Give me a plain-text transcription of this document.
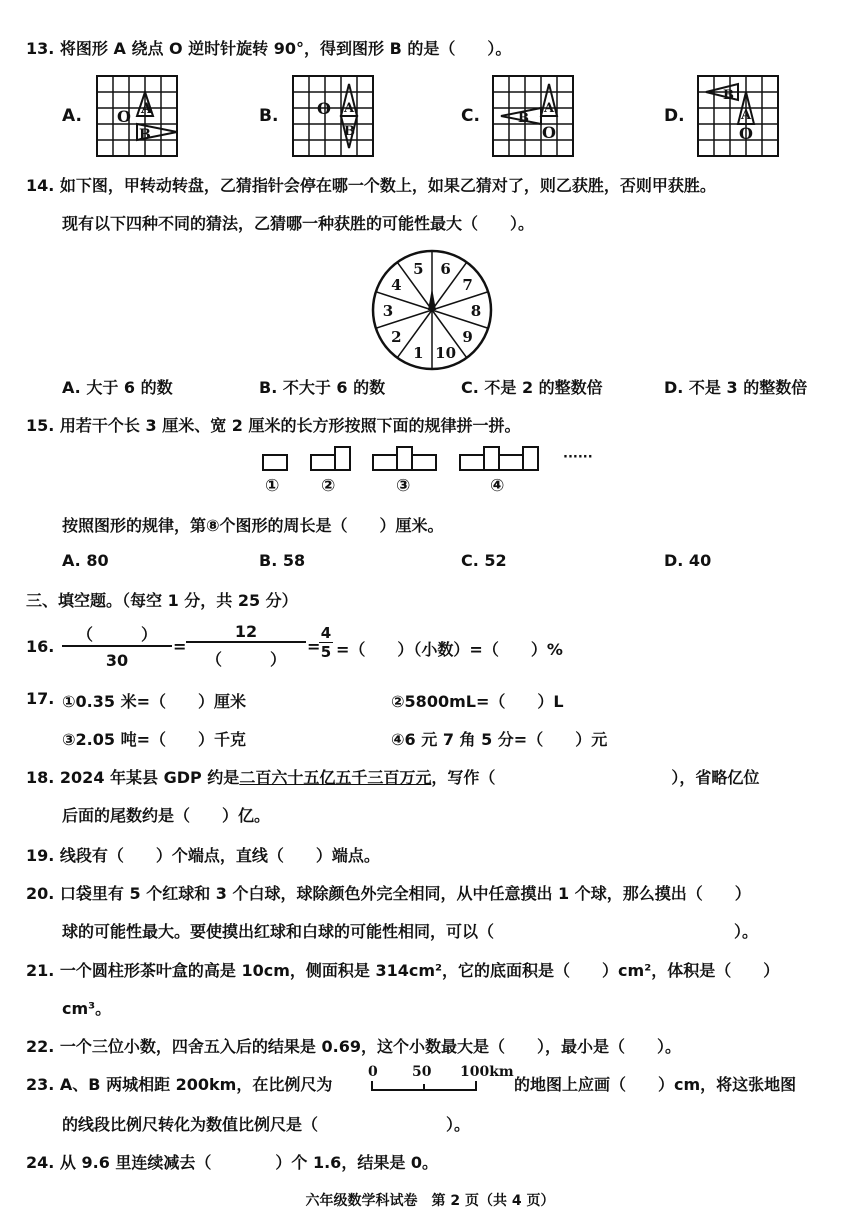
13. 将图形 A 绕点 O 逆时针旋转 90°，得到图形 B 的是（　　）。
A.	B.	C.	D.
O A
B
O A
B
B
A
O
B
A
O
14. 如下图，甲转动转盘，乙猜指针会停在哪一个数上，如果乙猜对了，则乙获胜，否则甲获胜。
现有以下四种不同的猜法，乙猜哪一种获胜的可能性最大（　　）。
1
2
3
4
5 6
7
8
9
10
A. 大于 6 的数	B. 不大于 6 的数	C. 不是 2 的整数倍	D. 不是 3 的整数倍
15. 用若干个长 3 厘米、宽 2 厘米的长方形按照下面的规律拼一拼。
······
① ②	③	④
按照图形的规律，第⑧个图形的周长是（　　）厘米。
A. 80	B. 58	C. 52	D. 40
三、填空题。（每空 1 分，共 25 分）
16.
（　　　）
30
=
12
（　　　）
=
4
5 =（　　）（小数）=（　　）%
17. ①0.35 米=（　　）厘米	②5800mL=（　　）L
③2.05 吨=（　　）千克	④6 元 7 角 5 分=（　　）元
18. 2024 年某县 GDP 约是二百六十五亿五千三百万元，写作（　　　　　　　　　　　），省略亿位
后面的尾数约是（　　）亿。
19. 线段有（　　）个端点，直线（　　）端点。
20. 口袋里有 5 个红球和 3 个白球，球除颜色外完全相同，从中任意摸出 1 个球，那么摸出（　　）
球的可能性最大。要使摸出红球和白球的可能性相同，可以（　　　　　　　　　　　　　　　）。
21. 一个圆柱形茶叶盒的高是 10cm，侧面积是 314cm²，它的底面积是（　　）cm²，体积是（　　）
cm³。
22. 一个三位小数，四舍五入后的结果是 0.69，这个小数最大是（　　），最小是（　　）。
23. A、B 两城相距 200km，在比例尺为
0 50 100km
的地图上应画（　　）cm，将这张地图
的线段比例尺转化为数值比例尺是（　　　　　　　　）。
24. 从 9.6 里连续减去（　　　　）个 1.6，结果是 0。
六年级数学科试卷　第 2 页（共 4 页）
